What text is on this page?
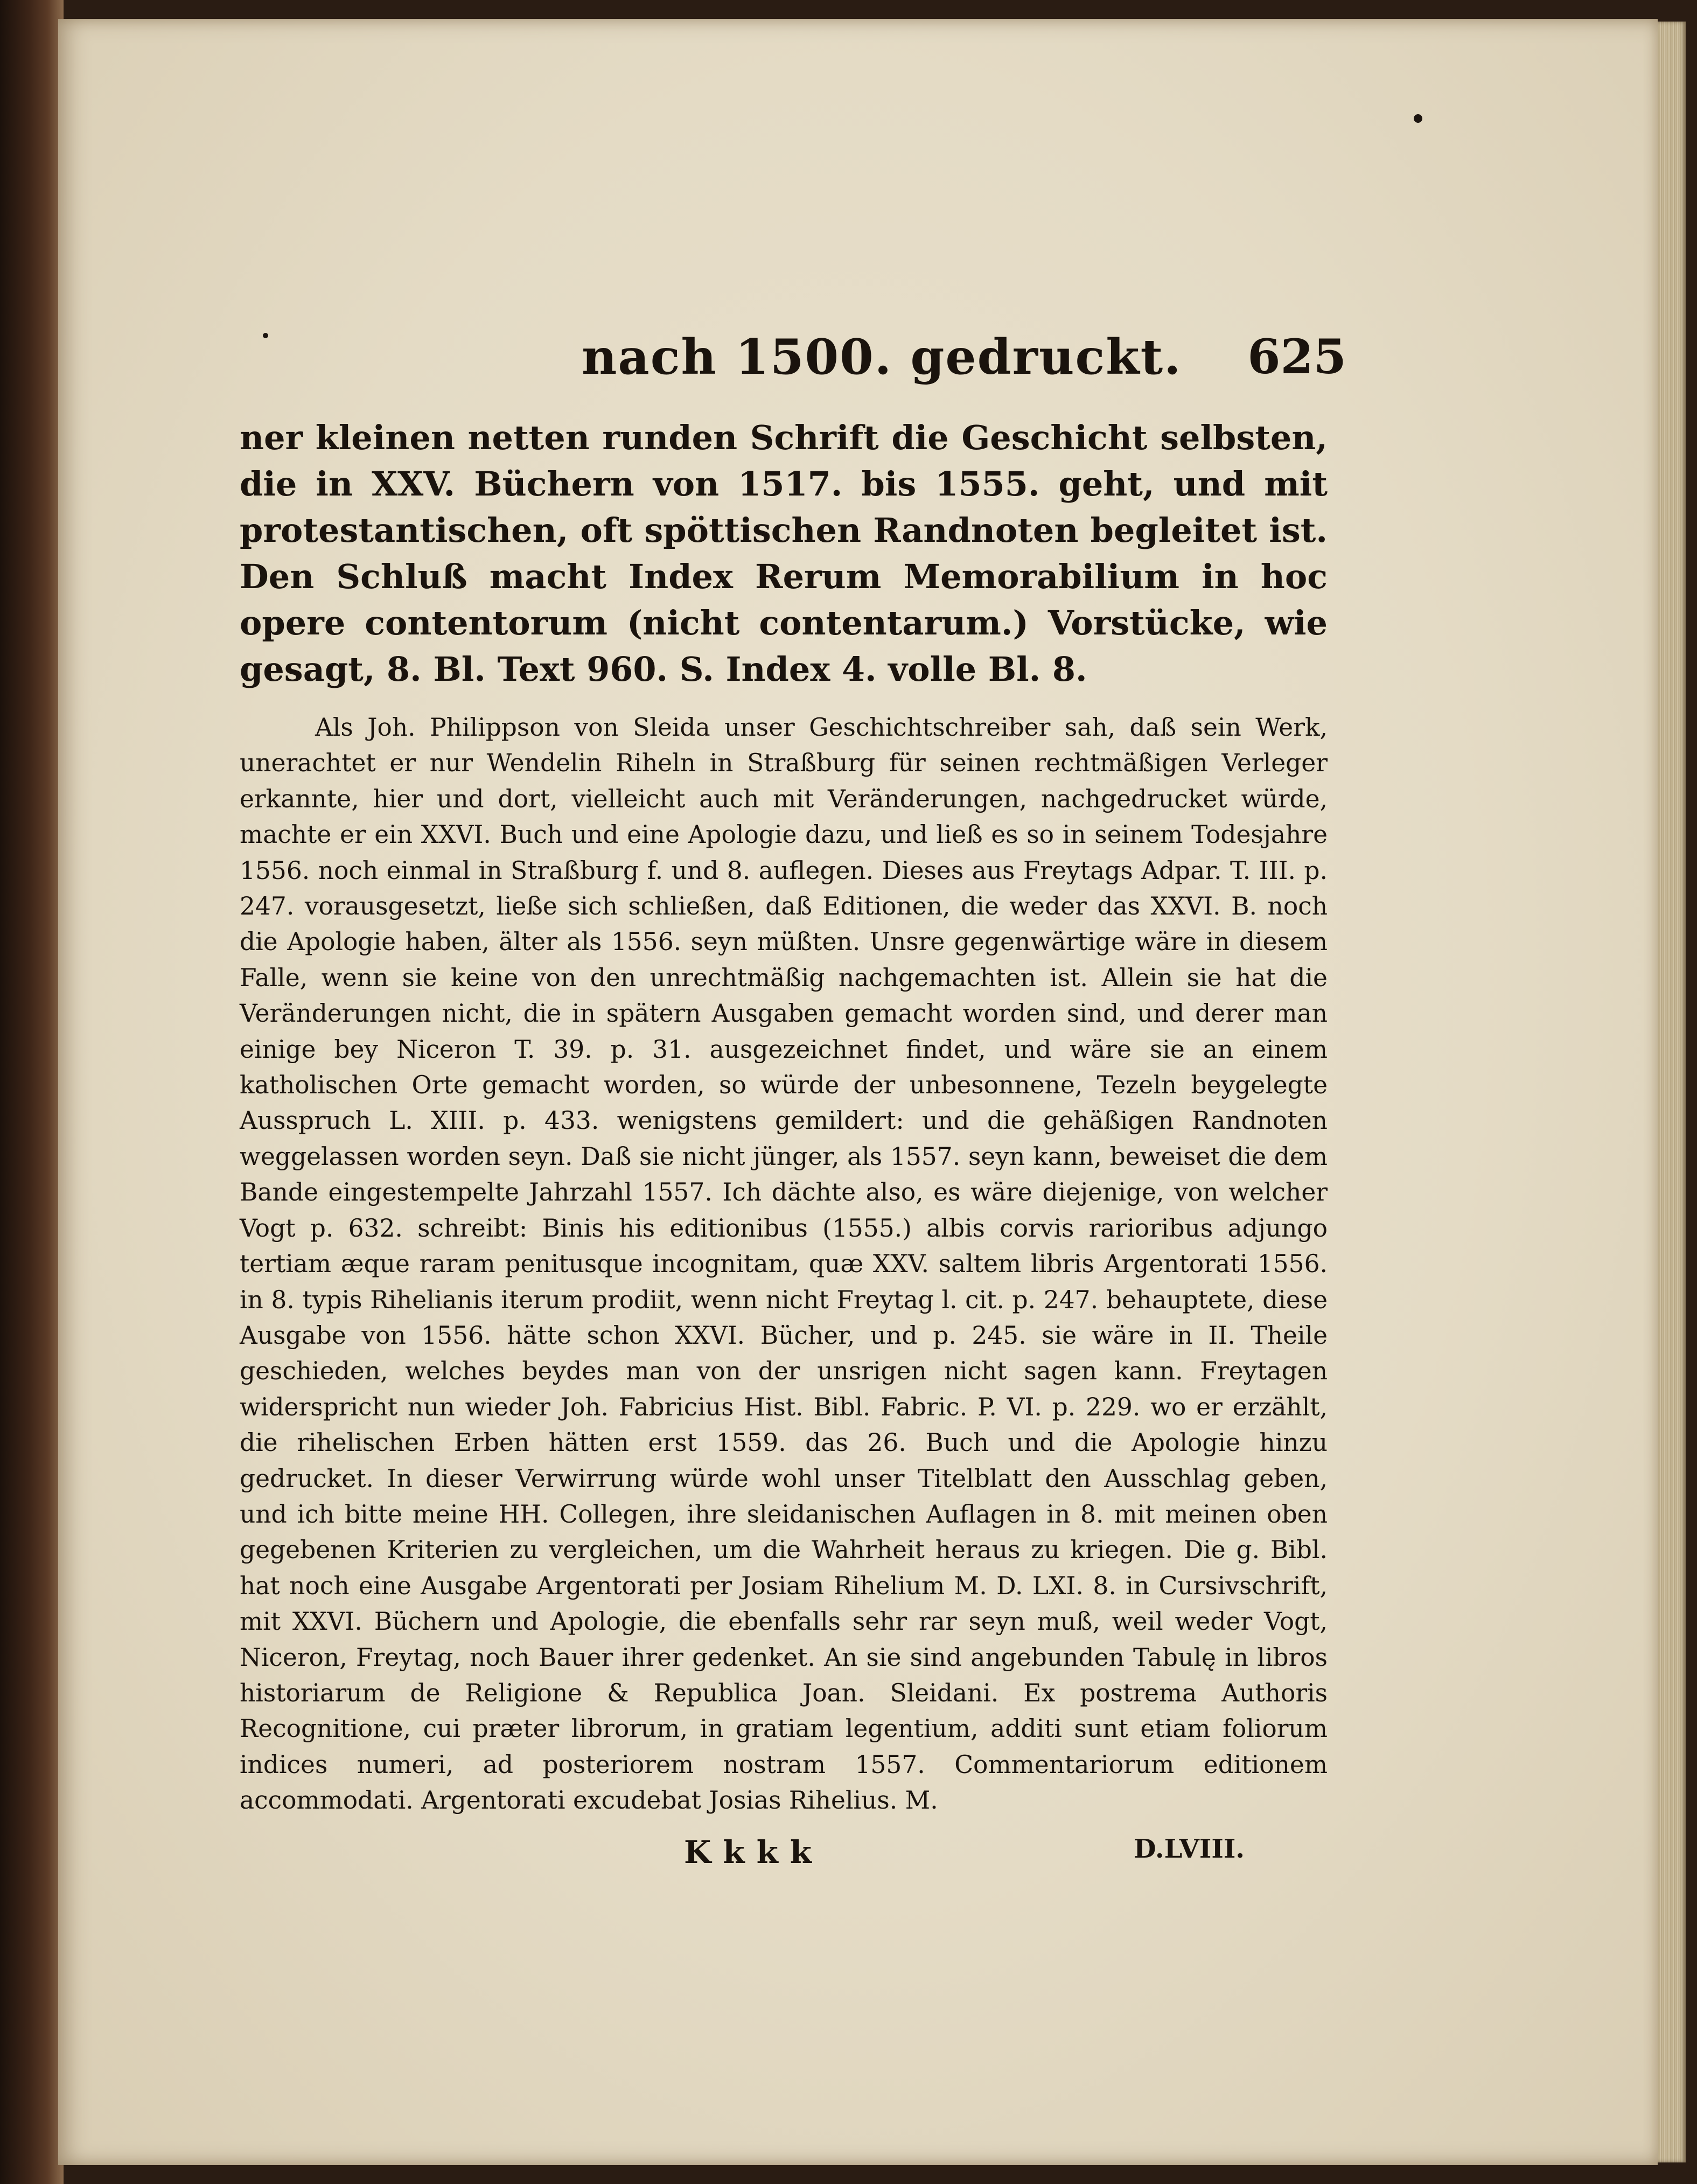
nach 1500. gedruckt. 625
ner kleinen netten runden Schrift die Geschicht selbsten, die in XXV. Büchern von 1517. bis 1555. geht, und mit protestantischen, oft spöttischen Randnoten begleitet ist. Den Schluß macht Index Rerum Memorabilium in hoc opere contentorum (nicht contentarum.) Vorstücke, wie gesagt, 8. Bl. Text 960. S. Index 4. volle Bl. 8.
Als Joh. Philippson von Sleida unser Geschichtschreiber sah, daß sein Werk, unerachtet er nur Wendelin Riheln in Straßburg für seinen rechtmäßigen Verleger erkannte, hier und dort, vielleicht auch mit Veränderungen, nachgedrucket würde, machte er ein XXVI. Buch und eine Apologie dazu, und ließ es so in seinem Todesjahre 1556. noch einmal in Straßburg f. und 8. auflegen. Dieses aus Freytags Adpar. T. III. p. 247. vorausgesetzt, ließe sich schließen, daß Editionen, die weder das XXVI. B. noch die Apologie haben, älter als 1556. seyn müßten. Unsre gegenwärtige wäre in diesem Falle, wenn sie keine von den unrechtmäßig nachgemachten ist. Allein sie hat die Veränderungen nicht, die in spätern Ausgaben gemacht worden sind, und derer man einige bey Niceron T. 39. p. 31. ausgezeichnet findet, und wäre sie an einem katholischen Orte gemacht worden, so würde der unbesonnene, Tezeln beygelegte Ausspruch L. XIII. p. 433. wenigstens gemildert: und die gehäßigen Randnoten weggelassen worden seyn. Daß sie nicht jünger, als 1557. seyn kann, beweiset die dem Bande eingestempelte Jahrzahl 1557. Ich dächte also, es wäre diejenige, von welcher Vogt p. 632. schreibt: Binis his editionibus (1555.) albis corvis rarioribus adjungo tertiam æque raram penitusque incognitam, quæ XXV. saltem libris Argentorati 1556. in 8. typis Rihelianis iterum prodiit, wenn nicht Freytag l. cit. p. 247. behauptete, diese Ausgabe von 1556. hätte schon XXVI. Bücher, und p. 245. sie wäre in II. Theile geschieden, welches beydes man von der unsrigen nicht sagen kann. Freytagen widerspricht nun wieder Joh. Fabricius Hist. Bibl. Fabric. P. VI. p. 229. wo er erzählt, die rihelischen Erben hätten erst 1559. das 26. Buch und die Apologie hinzu gedrucket. In dieser Verwirrung würde wohl unser Titelblatt den Ausschlag geben, und ich bitte meine HH. Collegen, ihre sleidanischen Auflagen in 8. mit meinen oben gegebenen Kriterien zu vergleichen, um die Wahrheit heraus zu kriegen. Die g. Bibl. hat noch eine Ausgabe Argentorati per Josiam Rihelium M. D. LXI. 8. in Cursivschrift, mit XXVI. Büchern und Apologie, die ebenfalls sehr rar seyn muß, weil weder Vogt, Niceron, Freytag, noch Bauer ihrer gedenket. An sie sind angebunden Tabulę in libros historiarum de Religione & Republica Joan. Sleidani. Ex postrema Authoris Recognitione, cui præter librorum, in gratiam legentium, additi sunt etiam foliorum indices numeri, ad posteriorem nostram 1557. Commentariorum editionem accommodati. Argentorati excudebat Josias Rihelius. M.
Kkkk	D.LVIII.
